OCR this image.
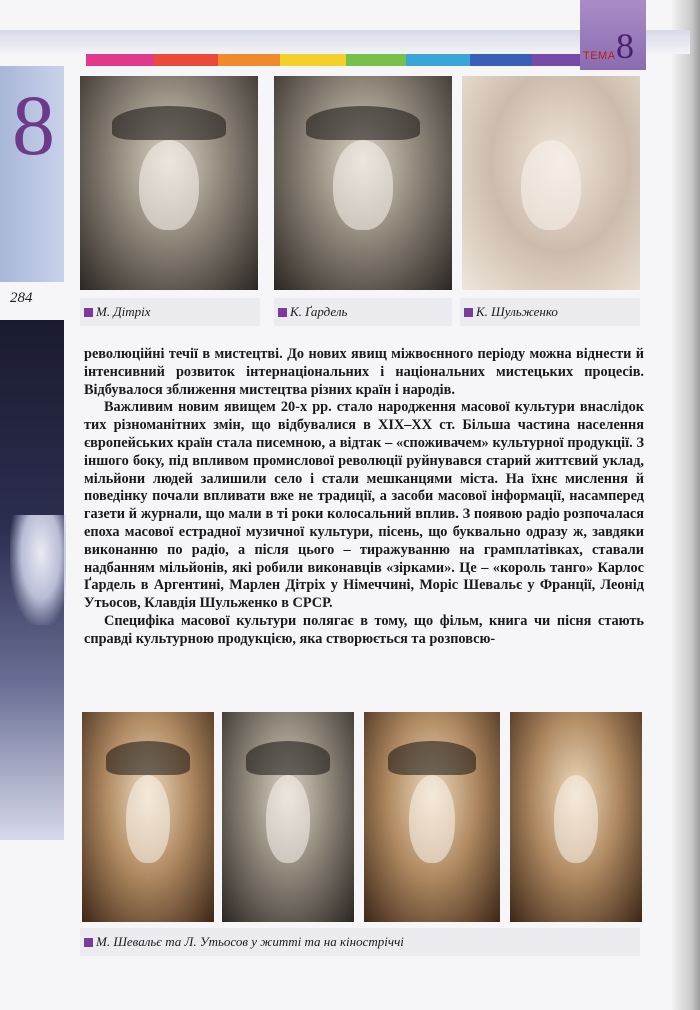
ТЕМА 8
8
284
М. Дітріх	К. Ґардель	К. Шульженко

революційні течії в мистецтві. До нових явищ міжвоєнного періоду можна віднести й інтенсивний розвиток інтернаціональних і національних мистецьких процесів. Відбувалося зближення мистецтва різних країн і народів.

Важливим новим явищем 20-х рр. стало народження масової культури внаслідок тих різноманітних змін, що відбувалися в XIX–XX ст. Більша частина населення європейських країн стала писемною, а відтак – «споживачем» культурної продукції. З іншого боку, під впливом промислової революції руйнувався старий життєвий уклад, мільйони людей залишили село і стали мешканцями міста. На їхнє мислення й поведінку почали впливати вже не традиції, а засоби масової інформації, насамперед газети й журнали, що мали в ті роки колосальний вплив. З появою радіо розпочалася епоха масової естрадної музичної культури, пісень, що буквально одразу ж, завдяки виконанню по радіо, а після цього – тиражуванню на грамплатівках, ставали надбанням мільйонів, які робили виконавців «зірками». Це – «король танго» Карлос Ґардель в Аргентині, Марлен Дітріх у Німеччині, Моріс Шевальє у Франції, Леонід Утьосов, Клавдія Шульженко в СРСР.

Специфіка масової культури полягає в тому, що фільм, книга чи пісня стають справді культурною продукцією, яка створюється та розповсю-

М. Шевальє та Л. Утьосов у житті та на кіностріччі
